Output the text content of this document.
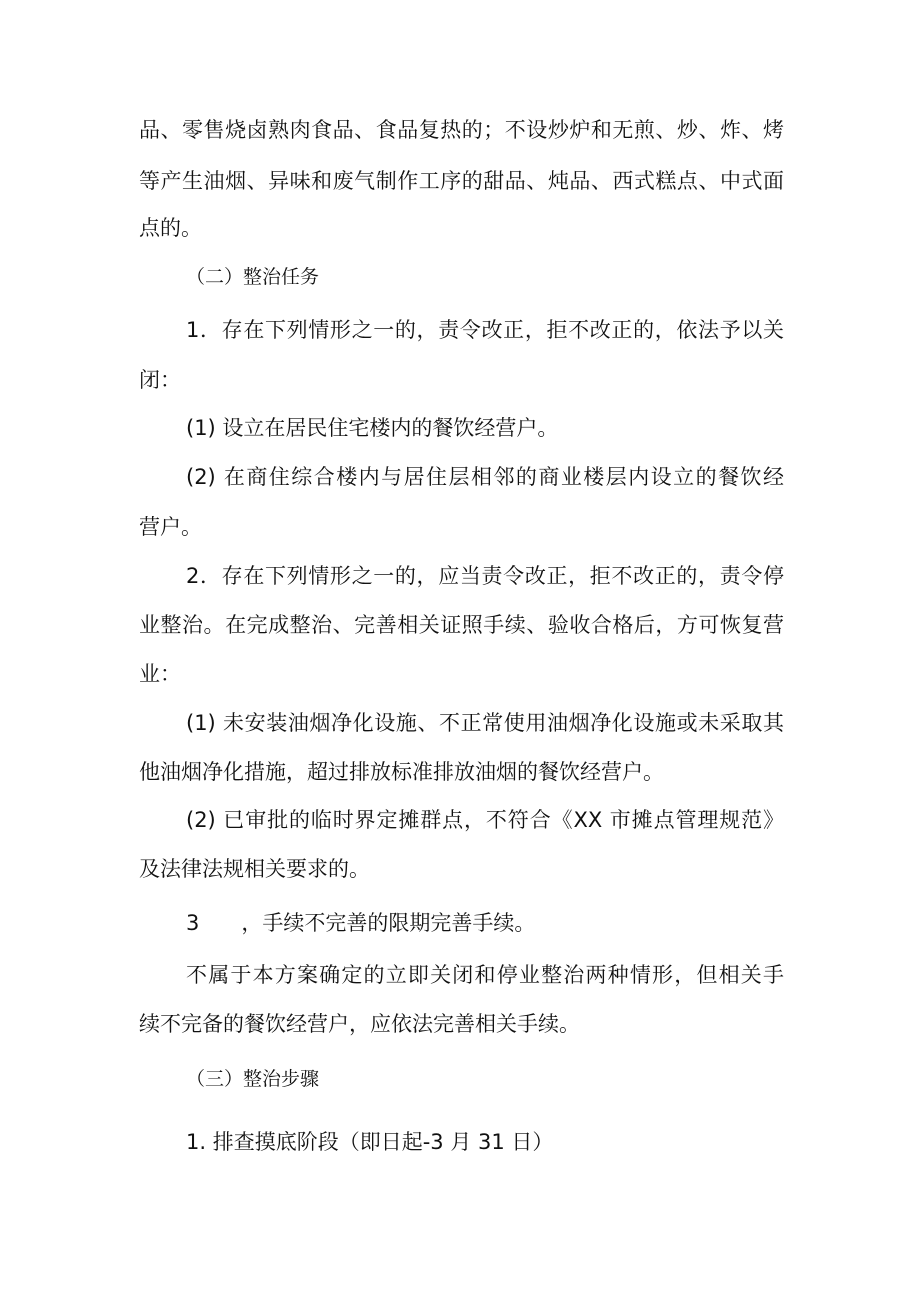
品、零售烧卤熟肉食品、食品复热的；不设炒炉和无煎、炒、炸、烤

等产生油烟、异味和废气制作工序的甜品、炖品、西式糕点、中式面

点的。

（二）整治任务

1．存在下列情形之一的，责令改正，拒不改正的，依法予以关

闭：

(1) 设立在居民住宅楼内的餐饮经营户。

(2) 在商住综合楼内与居住层相邻的商业楼层内设立的餐饮经

营户。

2．存在下列情形之一的，应当责令改正，拒不改正的，责令停

业整治。在完成整治、完善相关证照手续、验收合格后，方可恢复营

业：

(1) 未安装油烟净化设施、不正常使用油烟净化设施或未采取其

他油烟净化措施，超过排放标准排放油烟的餐饮经营户。

(2) 已审批的临时界定摊群点，不符合《XX 市摊点管理规范》

及法律法规相关要求的。

3　　，手续不完善的限期完善手续。

不属于本方案确定的立即关闭和停业整治两种情形，但相关手

续不完备的餐饮经营户，应依法完善相关手续。

（三）整治步骤

1. 排查摸底阶段（即日起-3 月 31 日）
